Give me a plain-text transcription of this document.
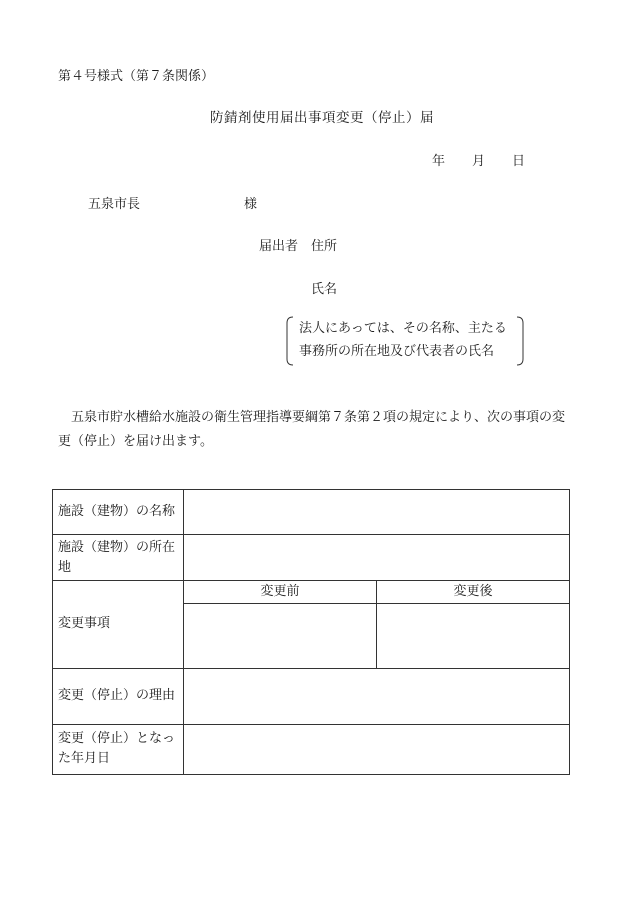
第４号様式（第７条関係）
防錆剤使用届出事項変更（停止）届
年 月 日
五泉市長	様
届出者 住所
氏名
法人にあっては、その名称、主たる
事務所の所在地及び代表者の氏名
五泉市貯水槽給水施設の衛生管理指導要綱第７条第２項の規定により、次の事項の変更（停止）を届け出ます。
施設（建物）の名称		
施設（建物）の所在地		
変更事項	変更前	変更後

変更（停止）の理由		
変更（停止）となった年月日		
